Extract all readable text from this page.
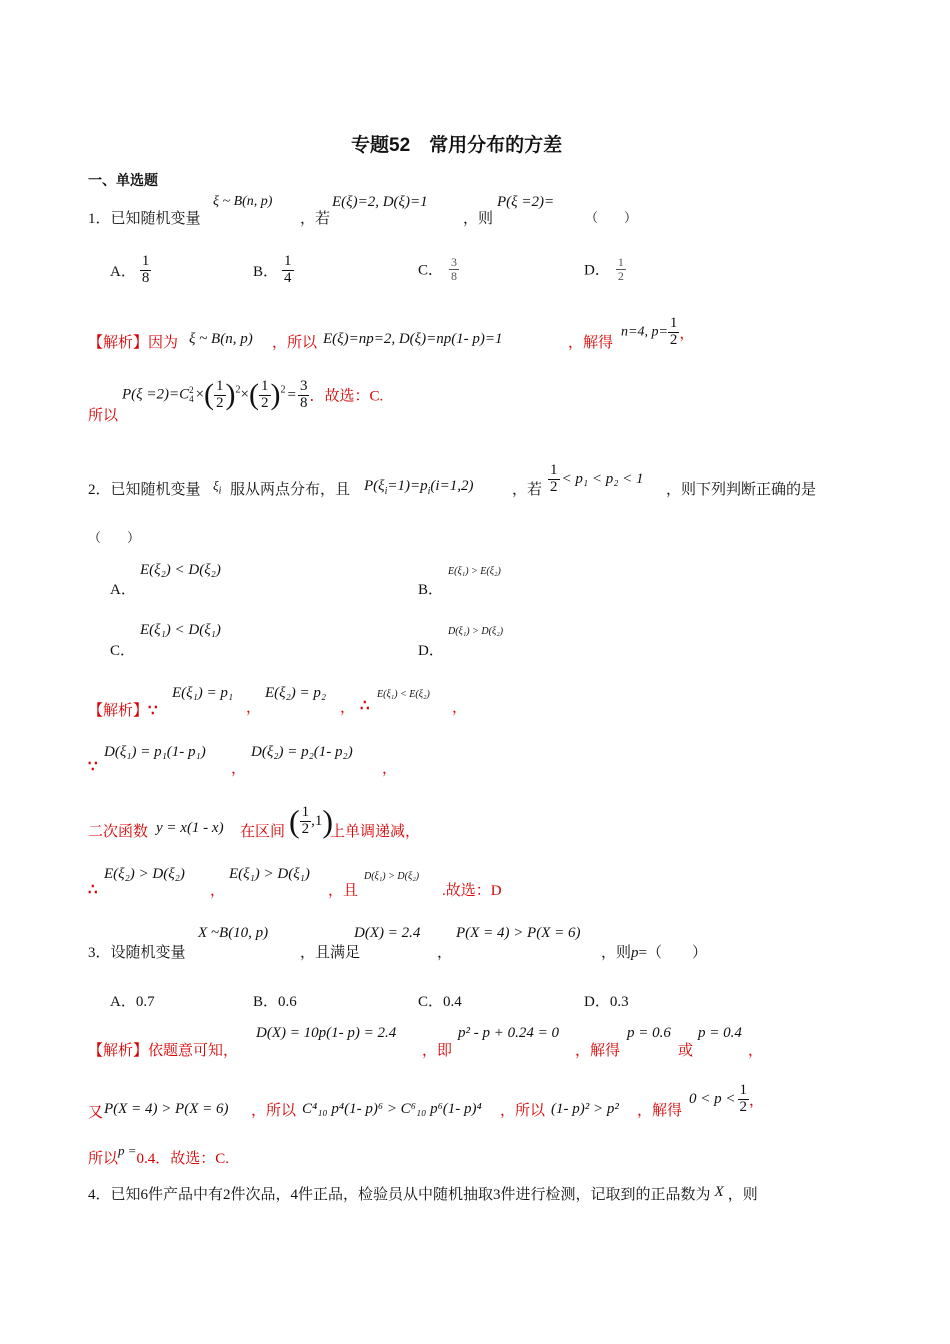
专题52　常用分布的方差
一、单选题
1．已知随机变量
ξ ~ B(n, p)
，若
E(ξ)=2, D(ξ)=1
，则
P(ξ =2)=
（　　）
A． $\frac{1}{8}$	B． $\frac{1}{4}$	C． $\frac{3}{8}$	D． $\frac{1}{2}$
【解析】因为 ξ ~ B(n, p) ，所以 E(ξ)=np=2, D(ξ)=np(1- p)=1	，解得
n=4, $p= \frac{1}{2}$ ，
所以
P(ξ =2)=C 2
4 ×( $\frac{1}{2} )^2\times( \frac{1}{2} )^2 = \frac{3}{8}$ ．故选：C.
2．已知随机变量 $\xi_i$ 服从两点分布，且 $P(\xi_i=1)=p_i(i=1,2)$	，若 $\frac{1}{2} < p_1 < p_2 < 1$
，则下列判断正确的是
（　　）
A．
E(ξ₂) < D(ξ₂)
B．
E(ξ₁) > E(ξ₂)
C．
E(ξ₁) < D(ξ₁)
D．
D(ξ₁) > D(ξ₂)
【解析】∵
E(ξ₁) = p₁
，
E(ξ₂) = p₂
， ∴
E(ξ₁) < E(ξ₂)
，
∵
D(ξ₁) = p₁(1- p₁)
，
D(ξ₂) = p₂(1- p₂)
，
二次函数 y = x(1 - x) 在区间 ( $\frac{1}{2} ,1$)
上单调递减，
∴
E(ξ₂) > D(ξ₂)
，
E(ξ₁) > D(ξ₁)
，且
D(ξ₁) > D(ξ₂)
.故选：D
3．设随机变量
X ~B(10, p)
，且满足
D(X) = 2.4
，
P(X = 4) > P(X = 6)
，则p=（　　）
A．0.7	B．0.6	C．0.4	D．0.3
【解析】依题意可知，
D(X) = 10p(1- p) = 2.4
，即
p² - p + 0.24 = 0
，解得
p = 0.6
或
p = 0.4
，
又 P(X = 4) > P(X = 6) ，所以 C⁴₁₀ p⁴(1- p)⁶ > C⁶₁₀ p⁶(1- p)⁴ ，所以 (1- p)² > p² ，解得
$0 < p < \frac{1}{2}$ ，
所以p =0.4．故选：C.
4．已知6件产品中有2件次品，4件正品，检验员从中随机抽取3件进行检测，记取到的正品数为 X ，则
